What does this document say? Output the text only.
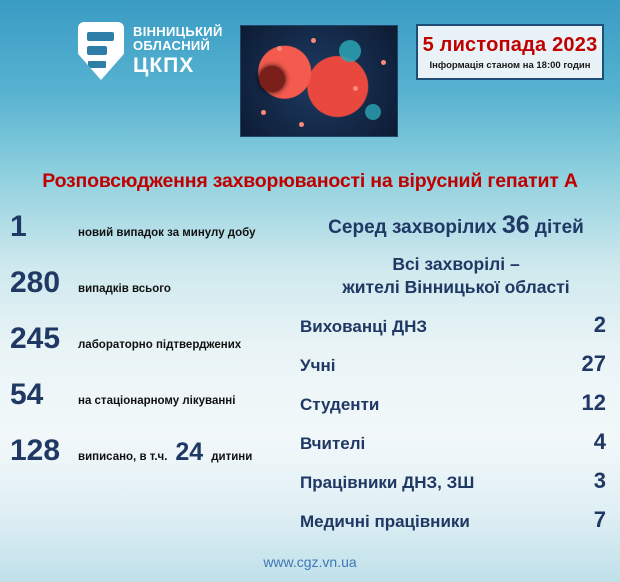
ВІННИЦЬКИЙ
ОБЛАСНИЙ
ЦКПХ
5 листопада 2023
Інформація станом на 18:00 годин
Розповсюдження захворюваності на вірусний гепатит А
1	новий випадок за минулу добу
280	випадків всього
245	лабораторно підтверджених
54	на стаціонарному лікуванні
128	виписано, в т.ч. 24 дитини
Серед захворілих 36 дітей
Всі захворілі –
жителі Вінницької області
Вихованці ДНЗ	2
Учні	27
Студенти	12
Вчителі	4
Працівники ДНЗ, ЗШ	3
Медичні працівники	7
www.cgz.vn.ua
